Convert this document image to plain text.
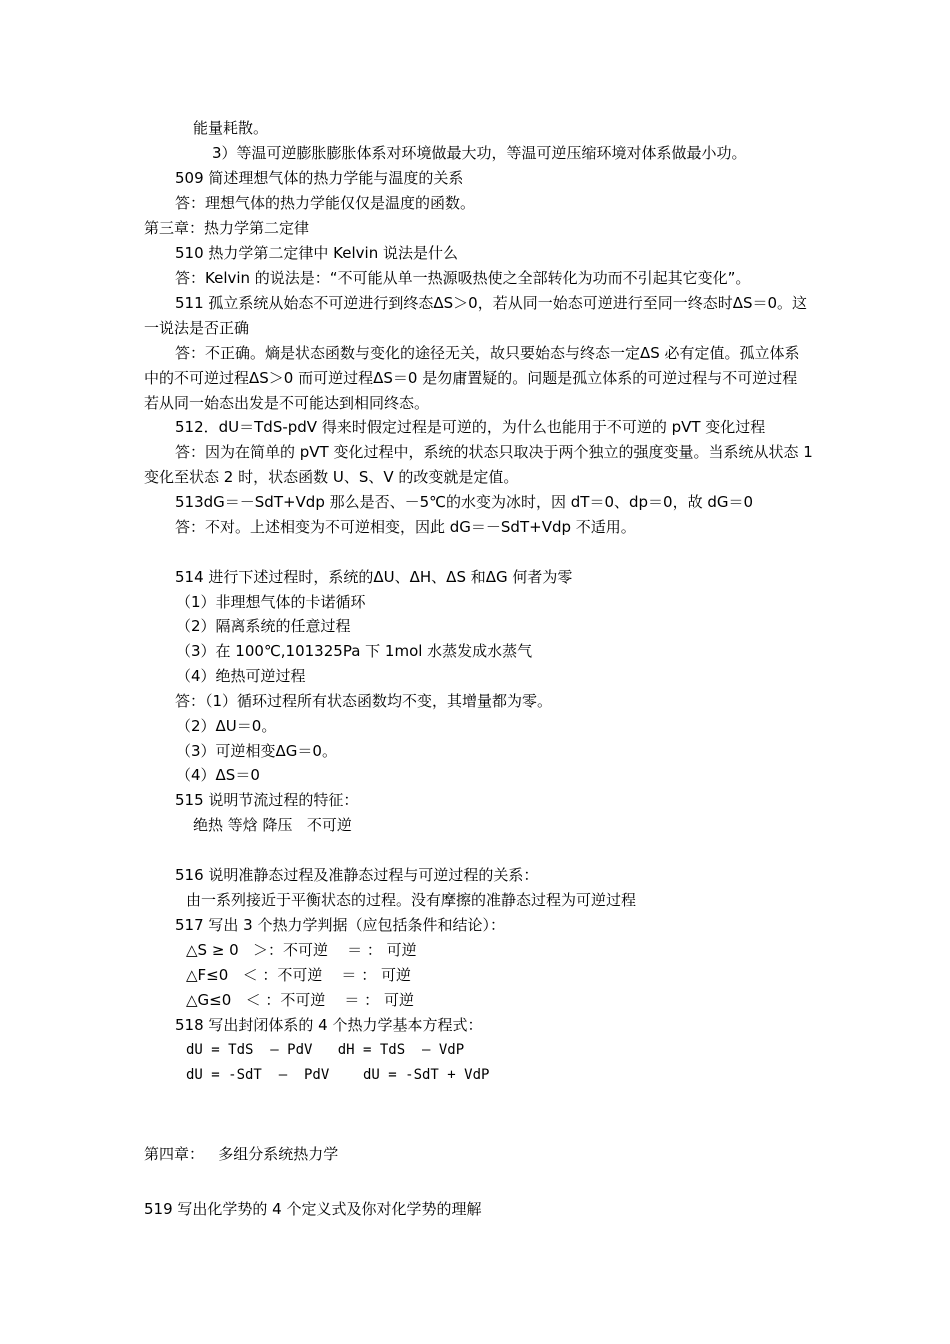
能量耗散。
3）等温可逆膨胀膨胀体系对环境做最大功，等温可逆压缩环境对体系做最小功。
509 简述理想气体的热力学能与温度的关系
答：理想气体的热力学能仅仅是温度的函数。
第三章：热力学第二定律
510 热力学第二定律中 Kelvin 说法是什么
答：Kelvin 的说法是：“不可能从单一热源吸热使之全部转化为功而不引起其它变化”。
511 孤立系统从始态不可逆进行到终态ΔS＞0，若从同一始态可逆进行至同一终态时ΔS＝0。这一说法是否正确
答：不正确。熵是状态函数与变化的途径无关，故只要始态与终态一定ΔS 必有定值。孤立体系中的不可逆过程ΔS＞0 而可逆过程ΔS＝0 是勿庸置疑的。问题是孤立体系的可逆过程与不可逆过程若从同一始态出发是不可能达到相同终态。
512．dU＝TdS-pdV 得来时假定过程是可逆的，为什么也能用于不可逆的 pVT 变化过程
答：因为在简单的 pVT 变化过程中，系统的状态只取决于两个独立的强度变量。当系统从状态 1 变化至状态 2 时，状态函数 U、S、V 的改变就是定值。
513dG＝－SdT+Vdp 那么是否、－5℃的水变为冰时，因 dT＝0、dp＝0，故 dG＝0
答：不对。上述相变为不可逆相变，因此 dG＝－SdT+Vdp 不适用。
514 进行下述过程时，系统的ΔU、ΔH、ΔS 和ΔG 何者为零
（1）非理想气体的卡诺循环
（2）隔离系统的任意过程
（3）在 100℃,101325Pa 下 1mol 水蒸发成水蒸气
（4）绝热可逆过程
答：（1）循环过程所有状态函数均不变，其增量都为零。
（2）ΔU＝0。
（3）可逆相变ΔG＝0。
（4）ΔS＝0
515 说明节流过程的特征：
绝热 等焓 降压   不可逆
516 说明准静态过程及准静态过程与可逆过程的关系：
由一系列接近于平衡状态的过程。没有摩擦的准静态过程为可逆过程
517 写出 3 个热力学判据（应包括条件和结论）：
△S ≥ 0   ＞：不可逆    ＝ ： 可逆
△F≤0   ＜ ：不可逆    ＝ ： 可逆
△G≤0   ＜ ：不可逆    ＝ ： 可逆
518 写出封闭体系的 4 个热力学基本方程式：
dU = TdS  – PdV   dH = TdS  – VdP
dU = -SdT  –  PdV    dU = -SdT + VdP
第四章：   多组分系统热力学
519 写出化学势的 4 个定义式及你对化学势的理解
